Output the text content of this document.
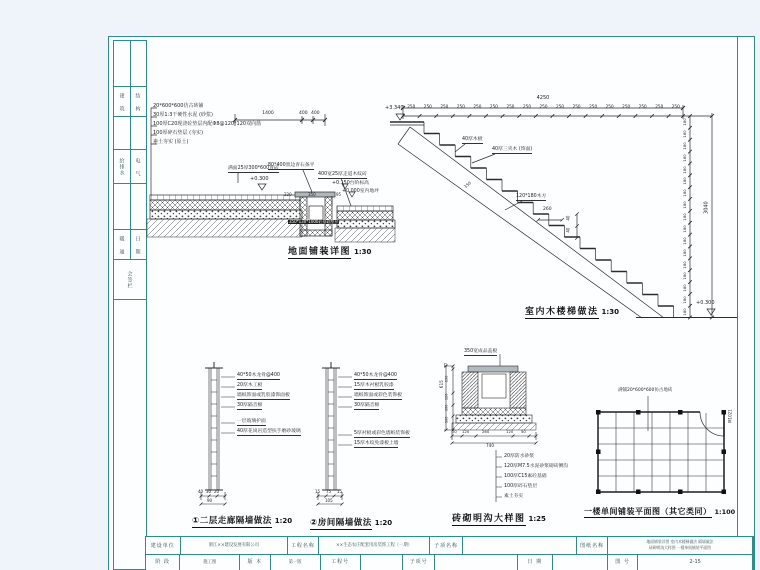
建 筑 结 构
给排水 电 气
暖 通 日 期
会签栏
20*600*600仿古砖铺
30厚1:3干硬性水泥 (砂浆)
100厚C20现浇砼垫层内配Φ8@120*120双向筋
100厚碎石垫层 (夯实)
素土夯实 (原土)
1400	400 400
满面25厚300*600青砖
+0.300
80*400黑边青石条平
400宽25厚走道木纹砖
+0.150台阶标高
+0.000室内地坪
220	350	95
350*130*1000砼基础垫层
地面铺装详图 1:30
4250
250	250	250	250	250	250	250	250	250	250	250	250	250	250	250	250	250
+3.340
40厚木板
40厚三夹木 (饰面)
120*180木方
260
40
40
150
180
180
180
180
180
180
180
180
180
180
180
180
180
180
180
180
180
3040
+0.300
室内木楼梯做法 1:30
40*50木龙骨@400
20厚木工板
墙纸饰面或乳胶漆饰面板
30厚隔音棉
一层玻璃护面
40厚花岗岩造型扶手磨砂玻璃
40 30 20
90
①二层走廊隔墙做法 1:20
40*50木龙骨@400
15厚木衬板乳胶漆
墙纸饰面或彩色装饰板
30厚隔音棉
5厚衬板或彩色墙纸装饰板
15厚木纹免漆板上墙
15 75 15
105
②房间隔墙做法 1:20
350宽成品盖板
615
25
230
120
100
100
50 120	260	120 50
740
20厚防水砂浆
120厚M7.5水泥砂浆砌砖侧沟
100厚C15素砼基础
100厚碎石垫层
素土夯实
砖砌明沟大样图 1:25
满铺20*600*600仿古地砖
M1021
一楼单间铺装平面图（其它类同） 1:100
建设单位	浙江××建设发展有限公司	工程名称	××生态农庄配套用房装饰工程（一期）	子项名称	图纸名称
地面铺装详图 室内木楼梯做法 隔墙做法
砖砌明沟大样图 一楼单间铺装平面图
阶 段	施工图	版 本	第一版	工程号	子项号	日 期	图 号	2-15
